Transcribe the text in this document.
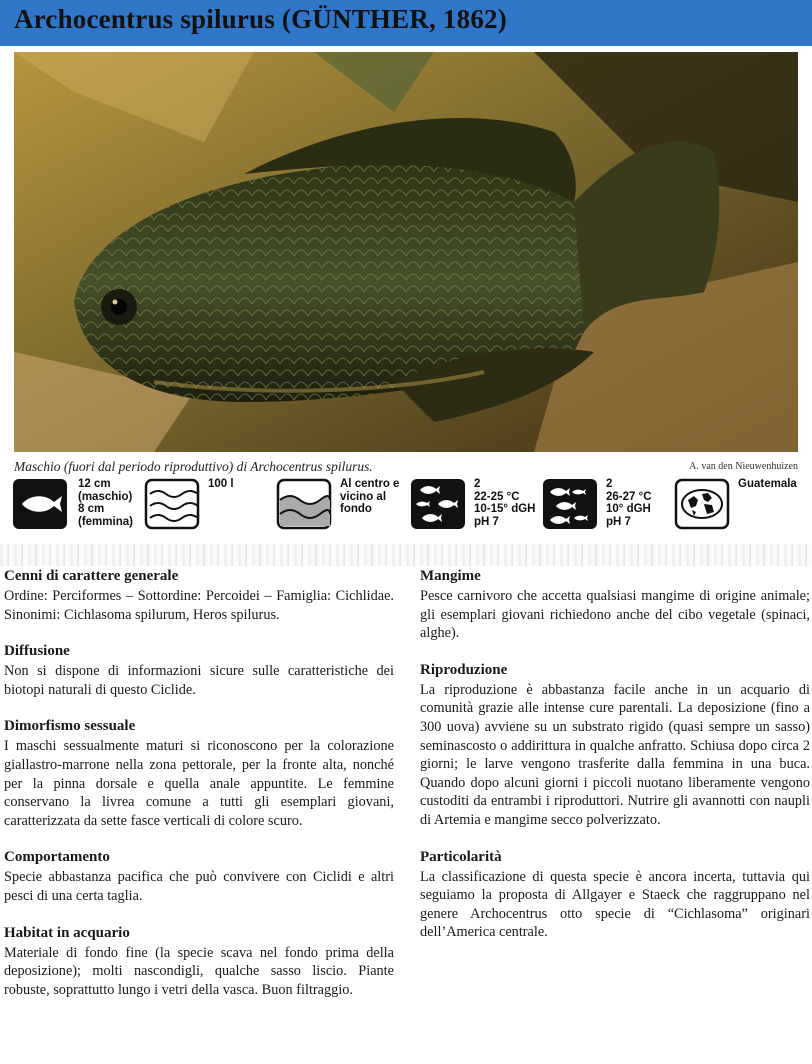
Archocentrus spilurus (GÜNTHER, 1862)
Maschio (fuori dal periodo riproduttivo) di Archocentrus spilurus.	A. van den Nieuwenhuizen
12 cm
(maschio)
8 cm
(femmina)
100 l	Al centro e
vicino al
fondo
2
22-25 °C
10-15° dGH
pH 7
2
26-27 °C
10° dGH
pH 7
Guatemala
Cenni di carattere generale

Ordine: Perciformes – Sottordine: Percoidei – Famiglia: Cichlidae. Sinonimi: Cichlasoma spilurum, Heros spilurus.

Diffusione

Non si dispone di informazioni sicure sulle caratteristiche dei biotopi naturali di questo Ciclide.

Dimorfismo sessuale

I maschi sessualmente maturi si riconoscono per la colorazione giallastro-marrone nella zona pettorale, per la fronte alta, nonché per la pinna dorsale e quella anale appuntite. Le femmine conservano la livrea comune a tutti gli esemplari giovani, caratterizzata da sette fasce verticali di colore scuro.

Comportamento

Specie abbastanza pacifica che può convivere con Ciclidi e altri pesci di una certa taglia.

Habitat in acquario

Materiale di fondo fine (la specie scava nel fondo prima della deposizione); molti nascondigli, qualche sasso liscio. Piante robuste, soprattutto lungo i vetri della vasca. Buon filtraggio.

Mangime

Pesce carnivoro che accetta qualsiasi mangime di origine animale; gli esemplari giovani richiedono anche del cibo vegetale (spinaci, alghe).

Riproduzione

La riproduzione è abbastanza facile anche in un acquario di comunità grazie alle intense cure parentali. La deposizione (fino a 300 uova) avviene su un substrato rigido (quasi sempre un sasso) seminascosto o addirittura in qualche anfratto. Schiusa dopo circa 2 giorni; le larve vengono trasferite dalla femmina in una buca. Quando dopo alcuni giorni i piccoli nuotano liberamente vengono custoditi da entrambi i riproduttori. Nutrire gli avannotti con naupli di Artemia e mangime secco polverizzato.

Particolarità

La classificazione di questa specie è ancora incerta, tuttavia qui seguiamo la proposta di Allgayer e Staeck che raggruppano nel genere Archocentrus otto specie di “Cichlasoma” originari dell’America centrale.
